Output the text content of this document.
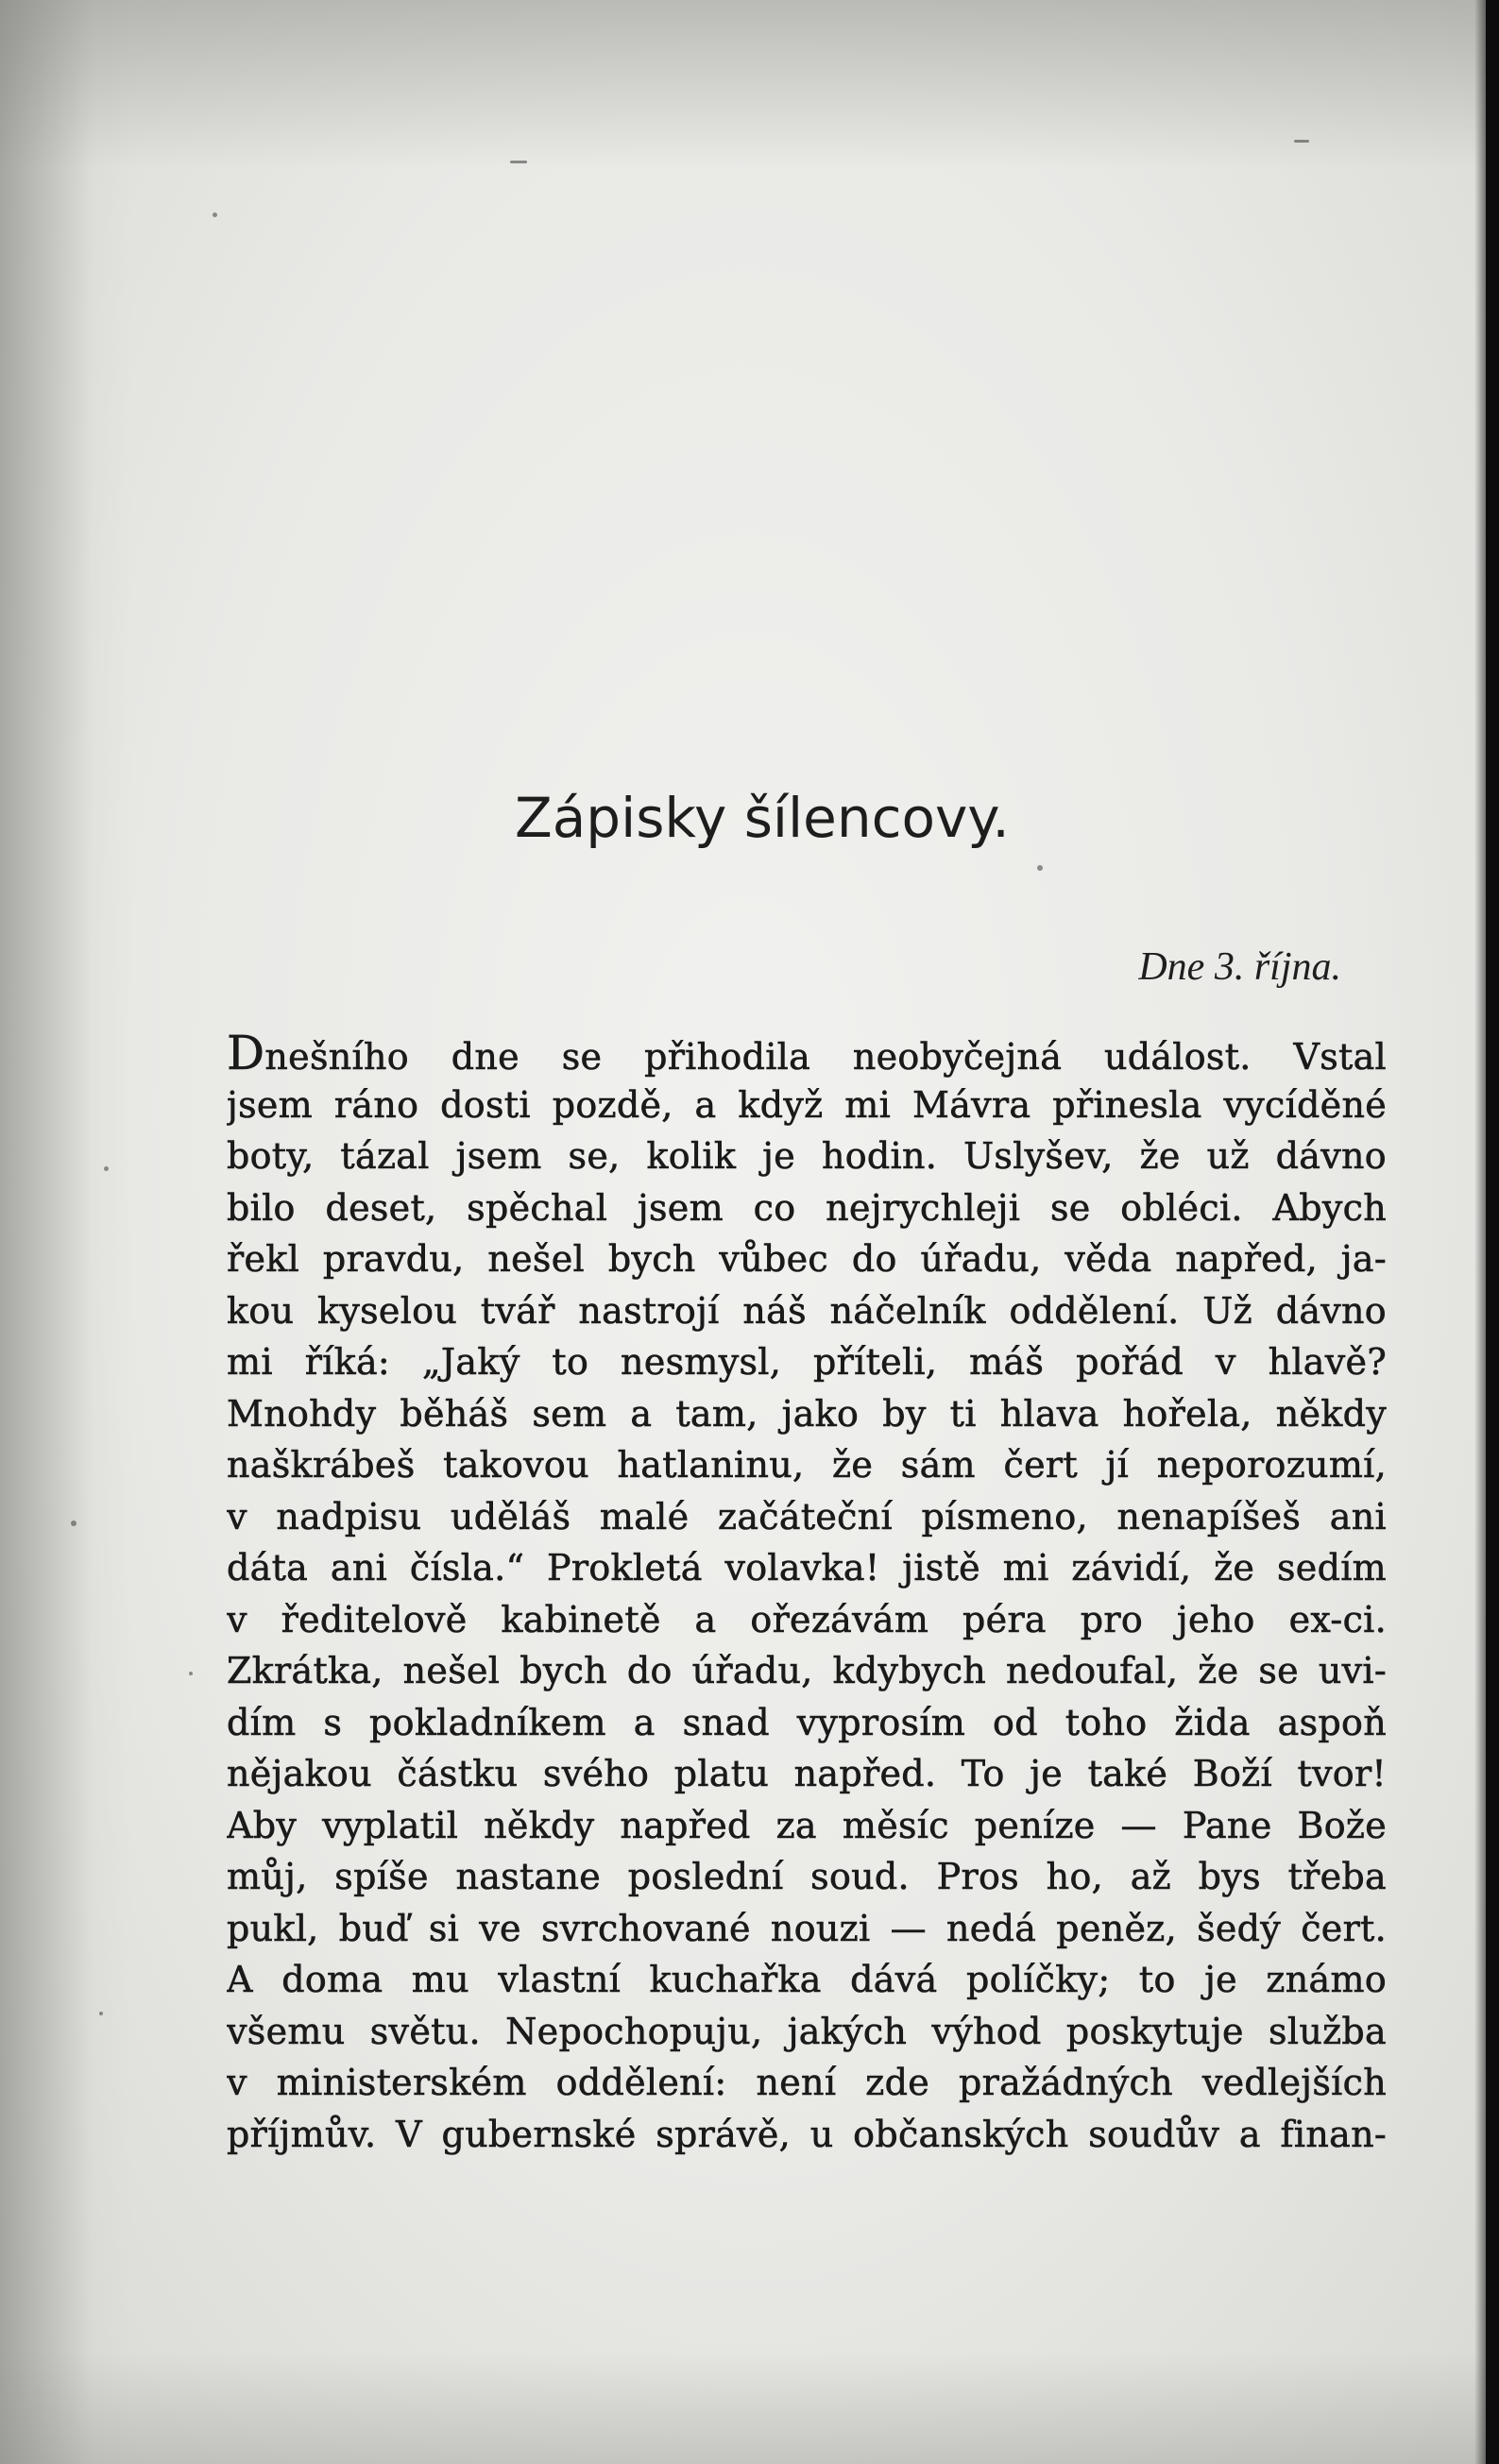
Zápisky šílencovy.
Dne 3. října.
Dnešního dne se přihodila neobyčejná událost. Vstal
jsem ráno dosti pozdě, a když mi Mávra přinesla vycíděné
boty, tázal jsem se, kolik je hodin. Uslyšev, že už dávno
bilo deset, spěchal jsem co nejrychleji se obléci. Abych
řekl pravdu, nešel bych vůbec do úřadu, věda napřed, ja-
kou kyselou tvář nastrojí náš náčelník oddělení. Už dávno
mi říká: „Jaký to nesmysl, příteli, máš pořád v hlavě?
Mnohdy běháš sem a tam, jako by ti hlava hořela, někdy
naškrábeš takovou hatlaninu, že sám čert jí neporozumí,
v nadpisu uděláš malé začáteční písmeno, nenapíšeš ani
dáta ani čísla.“ Prokletá volavka! jistě mi závidí, že sedím
v ředitelově kabinetě a ořezávám péra pro jeho ex-ci.
Zkrátka, nešel bych do úřadu, kdybych nedoufal, že se uvi-
dím s pokladníkem a snad vyprosím od toho žida aspoň
nějakou částku svého platu napřed. To je také Boží tvor!
Aby vyplatil někdy napřed za měsíc peníze — Pane Bože
můj, spíše nastane poslední soud. Pros ho, až bys třeba
pukl, buď si ve svrchované nouzi — nedá peněz, šedý čert.
A doma mu vlastní kuchařka dává políčky; to je známo
všemu světu. Nepochopuju, jakých výhod poskytuje služba
v ministerském oddělení: není zde pražádných vedlejších
příjmův. V gubernské správě, u občanských soudův a finan-
